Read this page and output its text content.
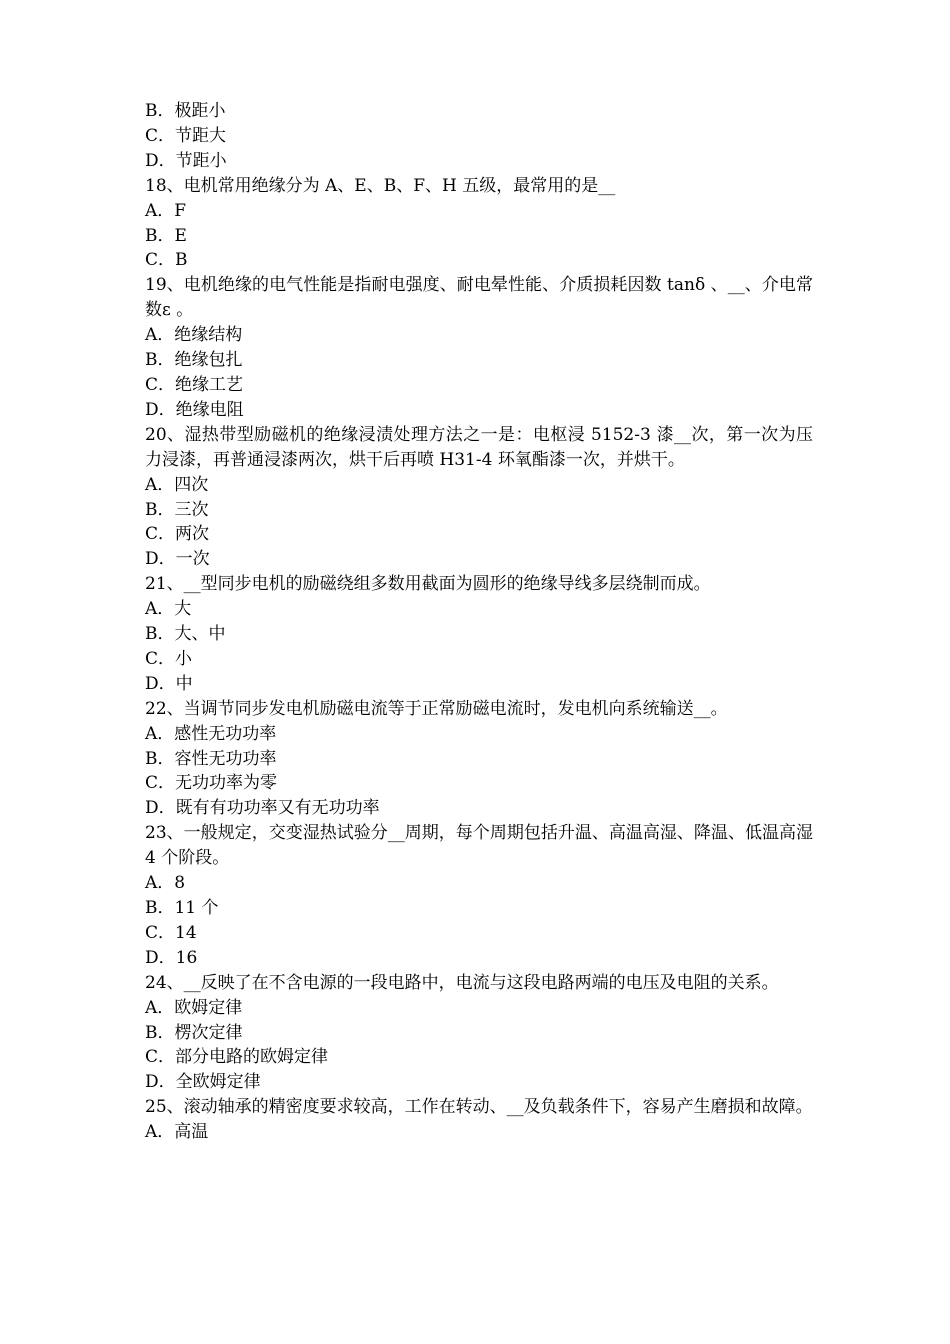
B．极距小
C．节距大
D．节距小
18、电机常用绝缘分为 A、E、B、F、H 五级，最常用的是__
A．F
B．E
C．B
19、电机绝缘的电气性能是指耐电强度、耐电晕性能、介质损耗因数 tanδ 、__、介电常数ε 。
A．绝缘结构
B．绝缘包扎
C．绝缘工艺
D．绝缘电阻
20、湿热带型励磁机的绝缘浸渍处理方法之一是：电枢浸 5152-3 漆__次，第一次为压力浸漆，再普通浸漆两次，烘干后再喷 H31-4 环氧酯漆一次，并烘干。
A．四次
B．三次
C．两次
D．一次
21、__型同步电机的励磁绕组多数用截面为圆形的绝缘导线多层绕制而成。
A．大
B．大、中
C．小
D．中
22、当调节同步发电机励磁电流等于正常励磁电流时，发电机向系统输送__。
A．感性无功功率
B．容性无功功率
C．无功功率为零
D．既有有功功率又有无功功率
23、一般规定，交变湿热试验分__周期，每个周期包括升温、高温高湿、降温、低温高湿 4 个阶段。
A．8
B．11 个
C．14
D．16
24、__反映了在不含电源的一段电路中，电流与这段电路两端的电压及电阻的关系。
A．欧姆定律
B．楞次定律
C．部分电路的欧姆定律
D．全欧姆定律
25、滚动轴承的精密度要求较高，工作在转动、__及负载条件下，容易产生磨损和故障。
A．高温
